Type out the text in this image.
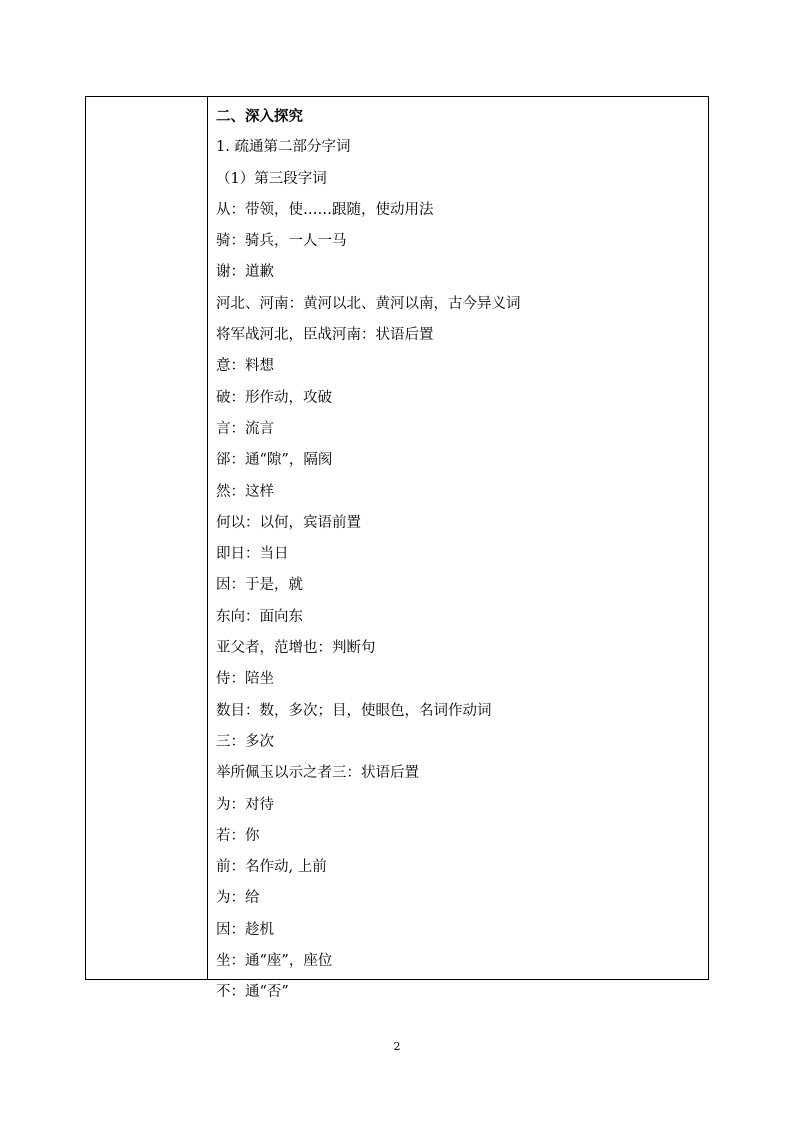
二、深入探究
1. 疏通第二部分字词
（1）第三段字词
从：带领，使……跟随，使动用法
骑：骑兵，一人一马
谢：道歉
河北、河南：黄河以北、黄河以南，古今异义词
将军战河北，臣战河南：状语后置
意：料想
破：形作动，攻破
言：流言
郤：通“隙”，隔阂
然：这样
何以：以何，宾语前置
即日：当日
因：于是，就
东向：面向东
亚父者，范增也：判断句
侍：陪坐
数目：数，多次；目，使眼色，名词作动词
三：多次
举所佩玉以示之者三：状语后置
为：对待
若：你
前：名作动, 上前
为：给
因：趁机
坐：通“座”，座位
不：通“否”
2
